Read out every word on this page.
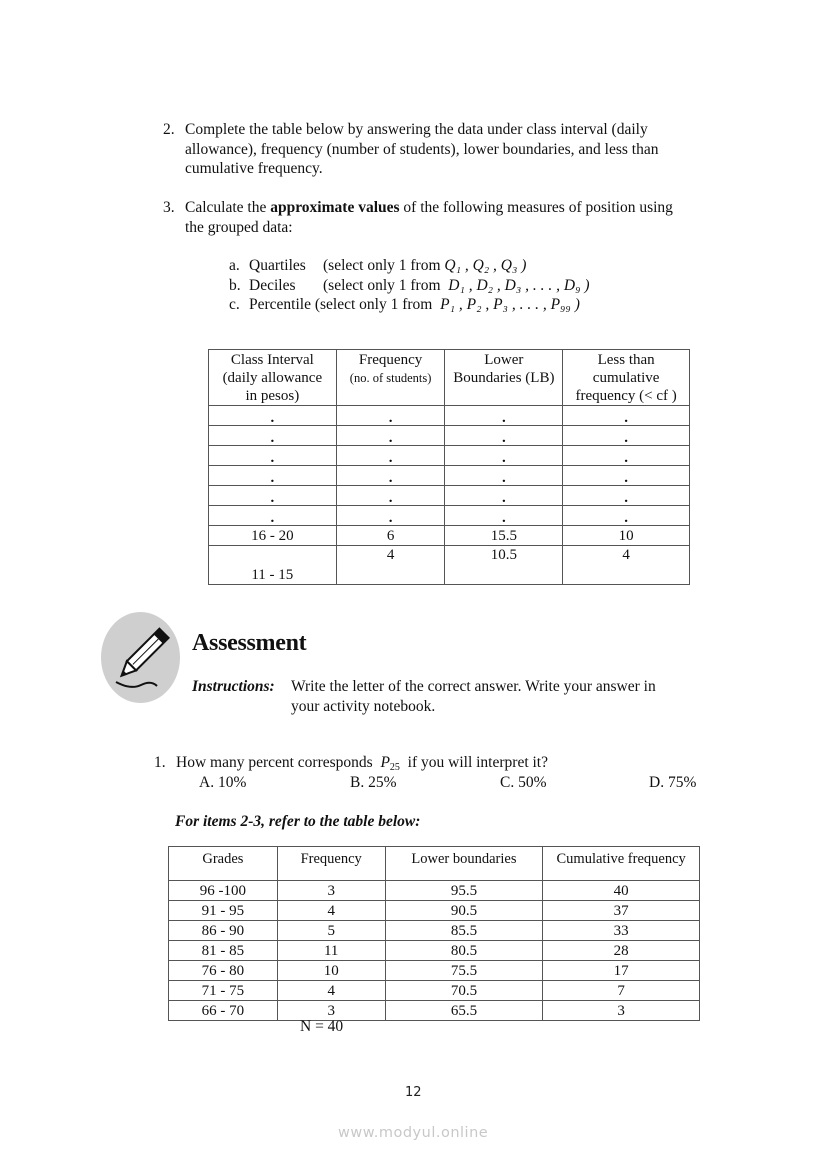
2. Complete the table below by answering the data under class interval (daily
allowance), frequency (number of students), lower boundaries, and less than
cumulative frequency.
3. Calculate the approximate values of the following measures of position using
the grouped data:
a. Quartiles (select only 1 from Q₁ , Q₂ , Q₃ )
b. Deciles (select only 1 from D₁ , D₂ , D₃ , . . . , D₉ )
c. Percentile (select only 1 from P₁ , P₂ , P₃ , . . . , P₉₉ )
Class Interval
(daily allowance
in pesos)

Frequency
(no. of students)

Lower
Boundaries (LB)

Less than
cumulative
frequency (< cf )

.	.	.	.
.	.	.	.
.	.	.	.
.	.	.	.
.	.	.	.
.	.	.	.
16 - 20	6	15.5	10
11 - 15	4	10.5	4
Assessment
Instructions: Write the letter of the correct answer. Write your answer in
your activity notebook.
1. How many percent corresponds $P_{25}$ if you will interpret it?
A. 10%	B. 25%	C. 50%	D. 75%
For items 2-3, refer to the table below:
Grades	Frequency	Lower boundaries	Cumulative frequency
96 -100	3	95.5	40
91 - 95	4	90.5	37
86 - 90	5	85.5	33
81 - 85	11	80.5	28
76 - 80	10	75.5	17
71 - 75	4	70.5	7
66 - 70	3	65.5	3
N = 40
12
www.modyul.online
